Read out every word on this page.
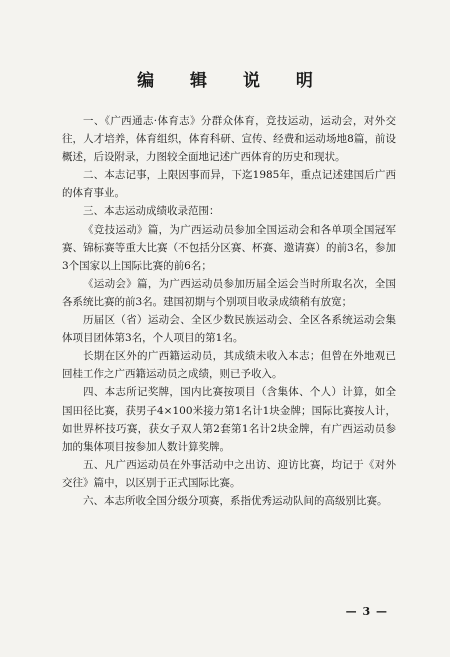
编 辑 说 明

一、《广西通志·体育志》分群众体育，竞技运动，运动会，对外交往，人才培养，体育组织，体育科研、宣传、经费和运动场地8篇，前设概述，后设附录，力图较全面地记述广西体育的历史和现状。

二、本志记事，上限因事而异，下迄1985年，重点记述建国后广西的体育事业。

三、本志运动成绩收录范围：

《竞技运动》篇，为广西运动员参加全国运动会和各单项全国冠军赛、锦标赛等重大比赛（不包括分区赛、杯赛、邀请赛）的前3名，参加3个国家以上国际比赛的前6名；

《运动会》篇，为广西运动员参加历届全运会当时所取名次，全国各系统比赛的前3名。建国初期与个别项目收录成绩稍有放宽；

历届区（省）运动会、全区少数民族运动会、全区各系统运动会集体项目团体第3名，个人项目的第1名。

长期在区外的广西籍运动员，其成绩未收入本志；但曾在外地观已回桂工作之广西籍运动员之成绩，则已予收入。

四、本志所记奖牌，国内比赛按项目（含集体、个人）计算，如全国田径比赛，获男子4×100米接力第1名计1块金牌；国际比赛按人计，如世界杯技巧赛，获女子双人第2套第1名计2块金牌，有广西运动员参加的集体项目按参加人数计算奖牌。

五、凡广西运动员在外事活动中之出访、迎访比赛，均记于《对外交往》篇中，以区别于正式国际比赛。

六、本志所收全国分级分项赛，系指优秀运动队间的高级别比赛。

— 3 —
